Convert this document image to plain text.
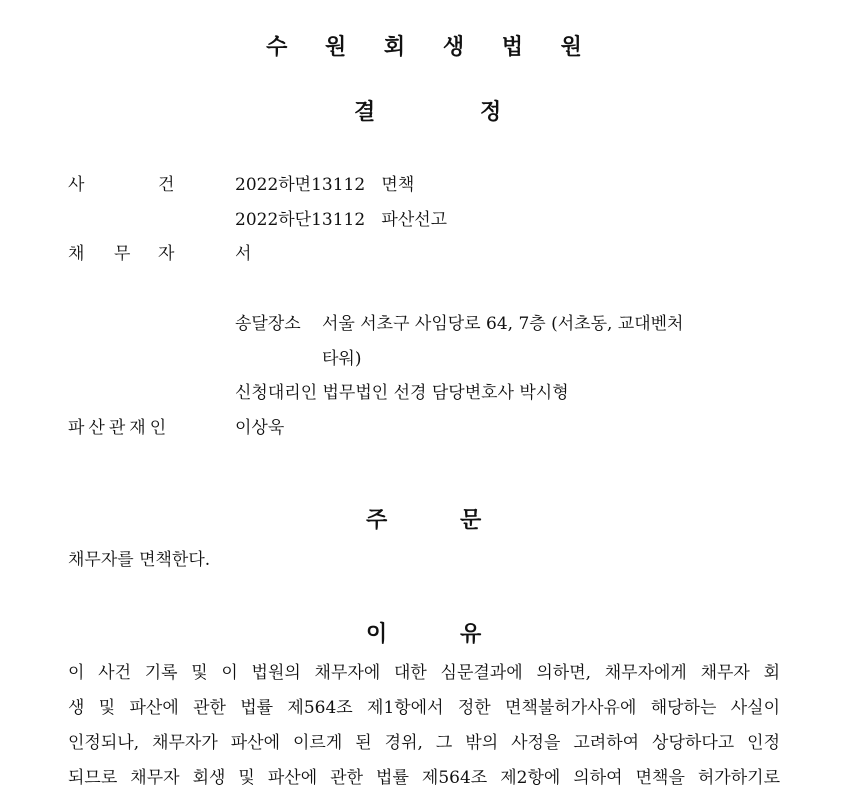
수 원 회 생 법 원
결	정
사	건	2022하면13112   면책
2022하단13112   파산선고
채 무 자	서
송달장소 서울 서초구 사임당로 64, 7층 (서초동, 교대벤처
타워)
신청대리인 법무법인 선경 담당변호사 박시형
파산관재인	이상욱
주	문
채무자를 면책한다.
이	유
이 사건 기록 및 이 법원의 채무자에 대한 심문결과에 의하면, 채무자에게 채무자 회
생 및 파산에 관한 법률 제564조 제1항에서 정한 면책불허가사유에 해당하는 사실이
인정되나, 채무자가 파산에 이르게 된 경위, 그 밖의 사정을 고려하여 상당하다고 인정
되므로 채무자 회생 및 파산에 관한 법률 제564조 제2항에 의하여 면책을 허가하기로
